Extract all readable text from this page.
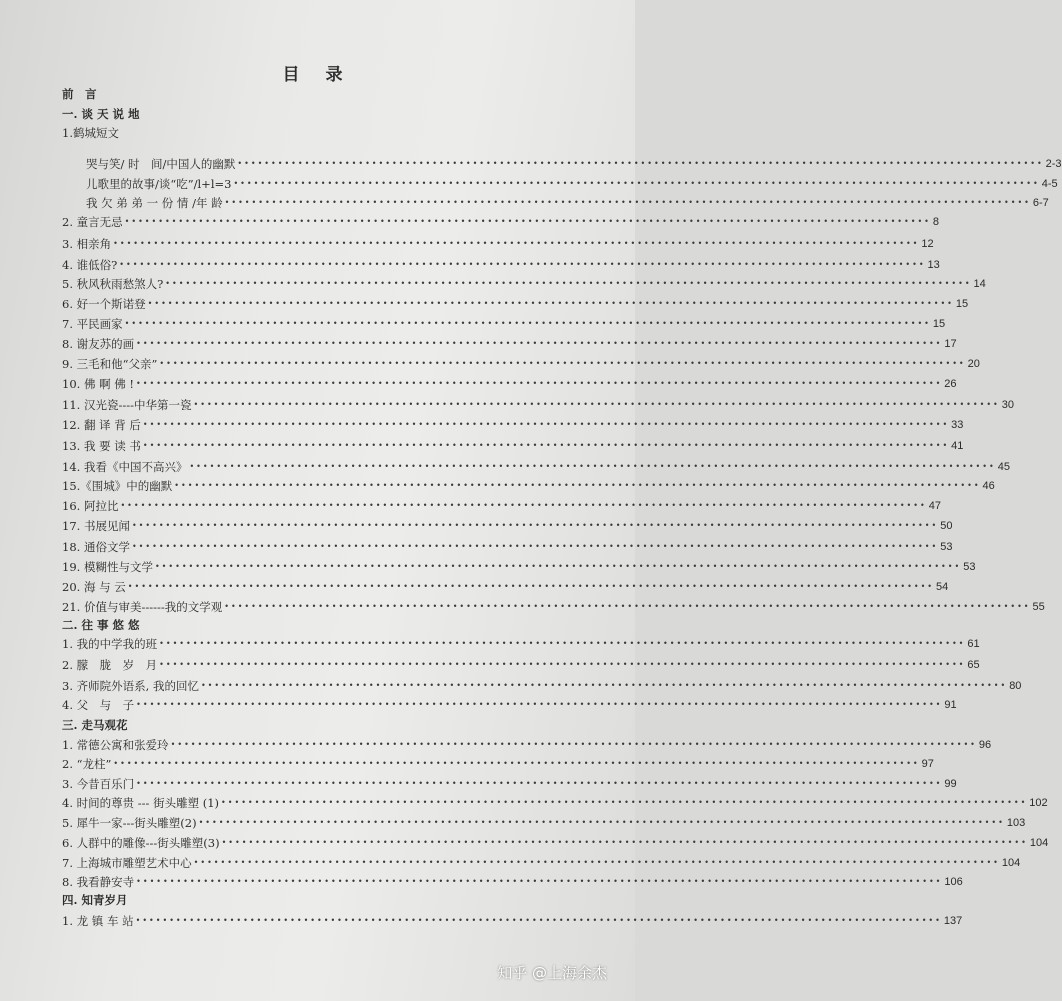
目 录
前　言
一. 谈 天 说 地
1.鹤城短文
哭与笑/ 时　间/中国人的幽默 •••••••••••••••••••••••••••••••••••••••••••••••••••••••••••••••••••••••••••••••••••••••••••••••••••••••••••••••••••••••• 2-3
儿歌里的故事/谈“吃”/l+l=3 •••••••••••••••••••••••••••••••••••••••••••••••••••••••••••••••••••••••••••••••••••••••••••••••••••••••••••••••••••••••• 4-5
我 欠 弟 弟 一 份 情 /年 龄 •••••••••••••••••••••••••••••••••••••••••••••••••••••••••••••••••••••••••••••••••••••••••••••••••••••••••••••••••••••••• 6-7
2. 童言无忌 •••••••••••••••••••••••••••••••••••••••••••••••••••••••••••••••••••••••••••••••••••••••••••••••••••••••••••••••••••••••• 8
3. 相亲角 •••••••••••••••••••••••••••••••••••••••••••••••••••••••••••••••••••••••••••••••••••••••••••••••••••••••••••••••••••••••• 12
4. 谁低俗? •••••••••••••••••••••••••••••••••••••••••••••••••••••••••••••••••••••••••••••••••••••••••••••••••••••••••••••••••••••••• 13
5. 秋风秋雨愁煞人? •••••••••••••••••••••••••••••••••••••••••••••••••••••••••••••••••••••••••••••••••••••••••••••••••••••••••••••••••••••••• 14
6. 好一个斯诺登 •••••••••••••••••••••••••••••••••••••••••••••••••••••••••••••••••••••••••••••••••••••••••••••••••••••••••••••••••••••••• 15
7. 平民画家 •••••••••••••••••••••••••••••••••••••••••••••••••••••••••••••••••••••••••••••••••••••••••••••••••••••••••••••••••••••••• 15
8. 谢友苏的画 •••••••••••••••••••••••••••••••••••••••••••••••••••••••••••••••••••••••••••••••••••••••••••••••••••••••••••••••••••••••• 17
9. 三毛和他“父亲” •••••••••••••••••••••••••••••••••••••••••••••••••••••••••••••••••••••••••••••••••••••••••••••••••••••••••••••••••••••••• 20
10. 佛 啊 佛 ! •••••••••••••••••••••••••••••••••••••••••••••••••••••••••••••••••••••••••••••••••••••••••••••••••••••••••••••••••••••••• 26
11. 汉光瓷----中华第一瓷 •••••••••••••••••••••••••••••••••••••••••••••••••••••••••••••••••••••••••••••••••••••••••••••••••••••••••••••••••••••••• 30
12. 翻 译 背 后 •••••••••••••••••••••••••••••••••••••••••••••••••••••••••••••••••••••••••••••••••••••••••••••••••••••••••••••••••••••••• 33
13. 我 要 读 书 •••••••••••••••••••••••••••••••••••••••••••••••••••••••••••••••••••••••••••••••••••••••••••••••••••••••••••••••••••••••• 41
14. 我看《中国不高兴》 •••••••••••••••••••••••••••••••••••••••••••••••••••••••••••••••••••••••••••••••••••••••••••••••••••••••••••••••••••••••• 45
15.《围城》中的幽默 •••••••••••••••••••••••••••••••••••••••••••••••••••••••••••••••••••••••••••••••••••••••••••••••••••••••••••••••••••••••• 46
16. 阿拉比 •••••••••••••••••••••••••••••••••••••••••••••••••••••••••••••••••••••••••••••••••••••••••••••••••••••••••••••••••••••••• 47
17. 书展见闻 •••••••••••••••••••••••••••••••••••••••••••••••••••••••••••••••••••••••••••••••••••••••••••••••••••••••••••••••••••••••• 50
18. 通俗文学 •••••••••••••••••••••••••••••••••••••••••••••••••••••••••••••••••••••••••••••••••••••••••••••••••••••••••••••••••••••••• 53
19. 模糊性与文学 •••••••••••••••••••••••••••••••••••••••••••••••••••••••••••••••••••••••••••••••••••••••••••••••••••••••••••••••••••••••• 53
20. 海 与 云 •••••••••••••••••••••••••••••••••••••••••••••••••••••••••••••••••••••••••••••••••••••••••••••••••••••••••••••••••••••••• 54
21. 价值与审美------我的文学观 •••••••••••••••••••••••••••••••••••••••••••••••••••••••••••••••••••••••••••••••••••••••••••••••••••••••••••••••••••••••• 55
二. 往 事 悠 悠
1. 我的中学我的班 •••••••••••••••••••••••••••••••••••••••••••••••••••••••••••••••••••••••••••••••••••••••••••••••••••••••••••••••••••••••• 61
2. 朦　胧　岁　月 •••••••••••••••••••••••••••••••••••••••••••••••••••••••••••••••••••••••••••••••••••••••••••••••••••••••••••••••••••••••• 65
3. 齐师院外语系, 我的回忆 •••••••••••••••••••••••••••••••••••••••••••••••••••••••••••••••••••••••••••••••••••••••••••••••••••••••••••••••••••••••• 80
4. 父　与　子 •••••••••••••••••••••••••••••••••••••••••••••••••••••••••••••••••••••••••••••••••••••••••••••••••••••••••••••••••••••••• 91
三. 走马观花
1. 常德公寓和张爱玲 •••••••••••••••••••••••••••••••••••••••••••••••••••••••••••••••••••••••••••••••••••••••••••••••••••••••••••••••••••••••• 96
2. “龙柱” •••••••••••••••••••••••••••••••••••••••••••••••••••••••••••••••••••••••••••••••••••••••••••••••••••••••••••••••••••••••• 97
3. 今昔百乐门 •••••••••••••••••••••••••••••••••••••••••••••••••••••••••••••••••••••••••••••••••••••••••••••••••••••••••••••••••••••••• 99
4. 时间的尊贵 --- 街头雕塑 (1) •••••••••••••••••••••••••••••••••••••••••••••••••••••••••••••••••••••••••••••••••••••••••••••••••••••••••••••••••••••••• 102
5. 犀牛一家---街头雕塑(2) •••••••••••••••••••••••••••••••••••••••••••••••••••••••••••••••••••••••••••••••••••••••••••••••••••••••••••••••••••••••• 103
6. 人群中的雕像---街头雕塑(3) •••••••••••••••••••••••••••••••••••••••••••••••••••••••••••••••••••••••••••••••••••••••••••••••••••••••••••••••••••••••• 104
7. 上海城市雕塑艺术中心 •••••••••••••••••••••••••••••••••••••••••••••••••••••••••••••••••••••••••••••••••••••••••••••••••••••••••••••••••••••••• 104
8. 我看静安寺 •••••••••••••••••••••••••••••••••••••••••••••••••••••••••••••••••••••••••••••••••••••••••••••••••••••••••••••••••••••••• 106
四. 知青岁月
1. 龙 镇 车 站 •••••••••••••••••••••••••••••••••••••••••••••••••••••••••••••••••••••••••••••••••••••••••••••••••••••••••••••••••••••••• 137
知乎 @上海余杰
